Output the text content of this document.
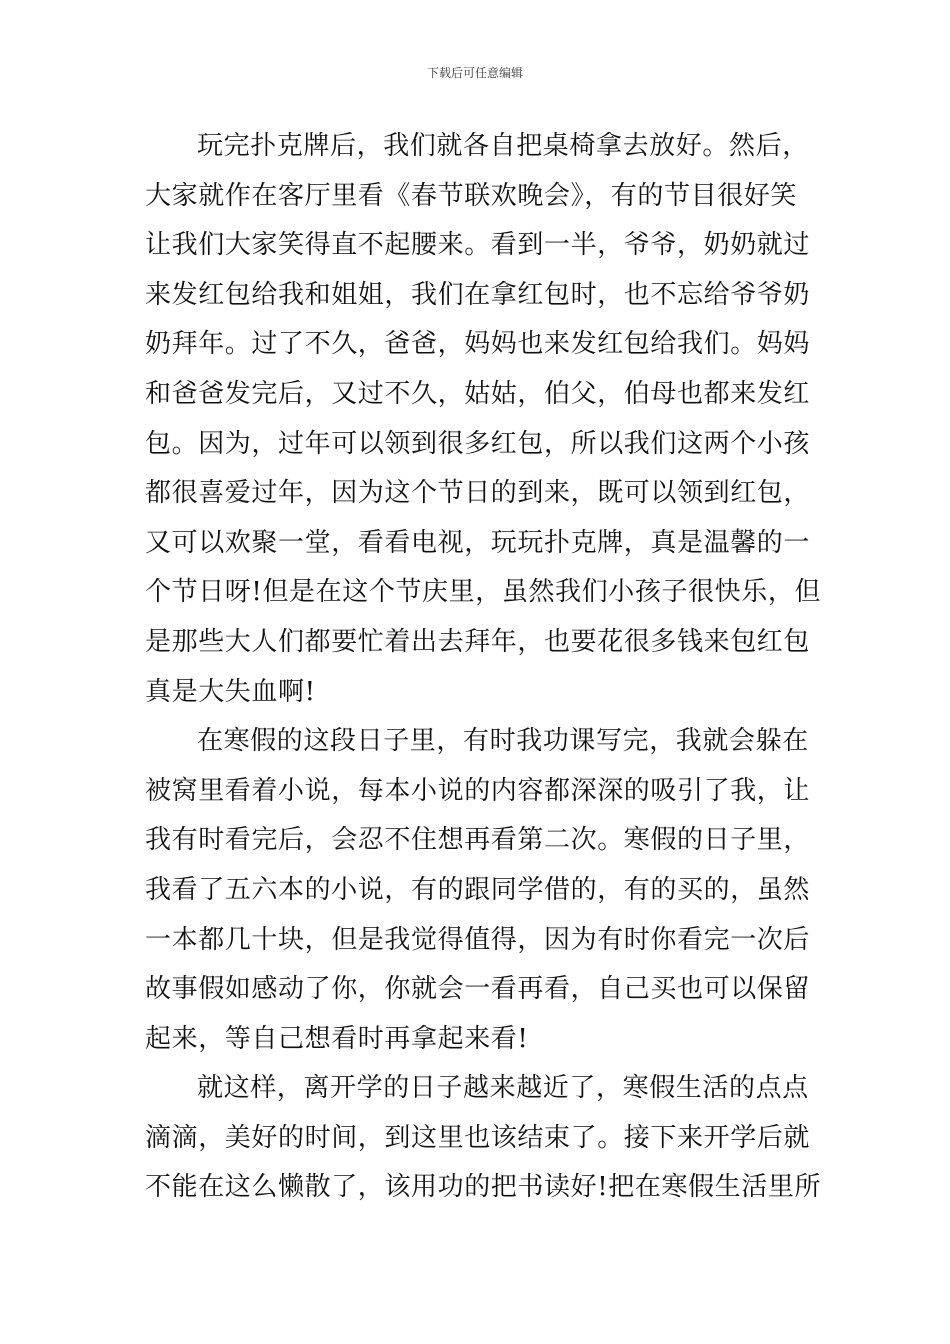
下载后可任意编辑
玩完扑克牌后，我们就各自把桌椅拿去放好。然后，
大家就作在客厅里看《春节联欢晚会》，有的节目很好笑
让我们大家笑得直不起腰来。看到一半，爷爷，奶奶就过
来发红包给我和姐姐，我们在拿红包时，也不忘给爷爷奶
奶拜年。过了不久，爸爸，妈妈也来发红包给我们。妈妈
和爸爸发完后，又过不久，姑姑，伯父，伯母也都来发红
包。因为，过年可以领到很多红包，所以我们这两个小孩
都很喜爱过年，因为这个节日的到来，既可以领到红包，
又可以欢聚一堂，看看电视，玩玩扑克牌，真是温馨的一
个节日呀!但是在这个节庆里，虽然我们小孩子很快乐，但
是那些大人们都要忙着出去拜年，也要花很多钱来包红包
真是大失血啊!
在寒假的这段日子里，有时我功课写完，我就会躲在
被窝里看着小说，每本小说的内容都深深的吸引了我，让
我有时看完后，会忍不住想再看第二次。寒假的日子里，
我看了五六本的小说，有的跟同学借的，有的买的，虽然
一本都几十块，但是我觉得值得，因为有时你看完一次后
故事假如感动了你，你就会一看再看，自己买也可以保留
起来，等自己想看时再拿起来看!
就这样，离开学的日子越来越近了，寒假生活的点点
滴滴，美好的时间，到这里也该结束了。接下来开学后就
不能在这么懒散了，该用功的把书读好!把在寒假生活里所
